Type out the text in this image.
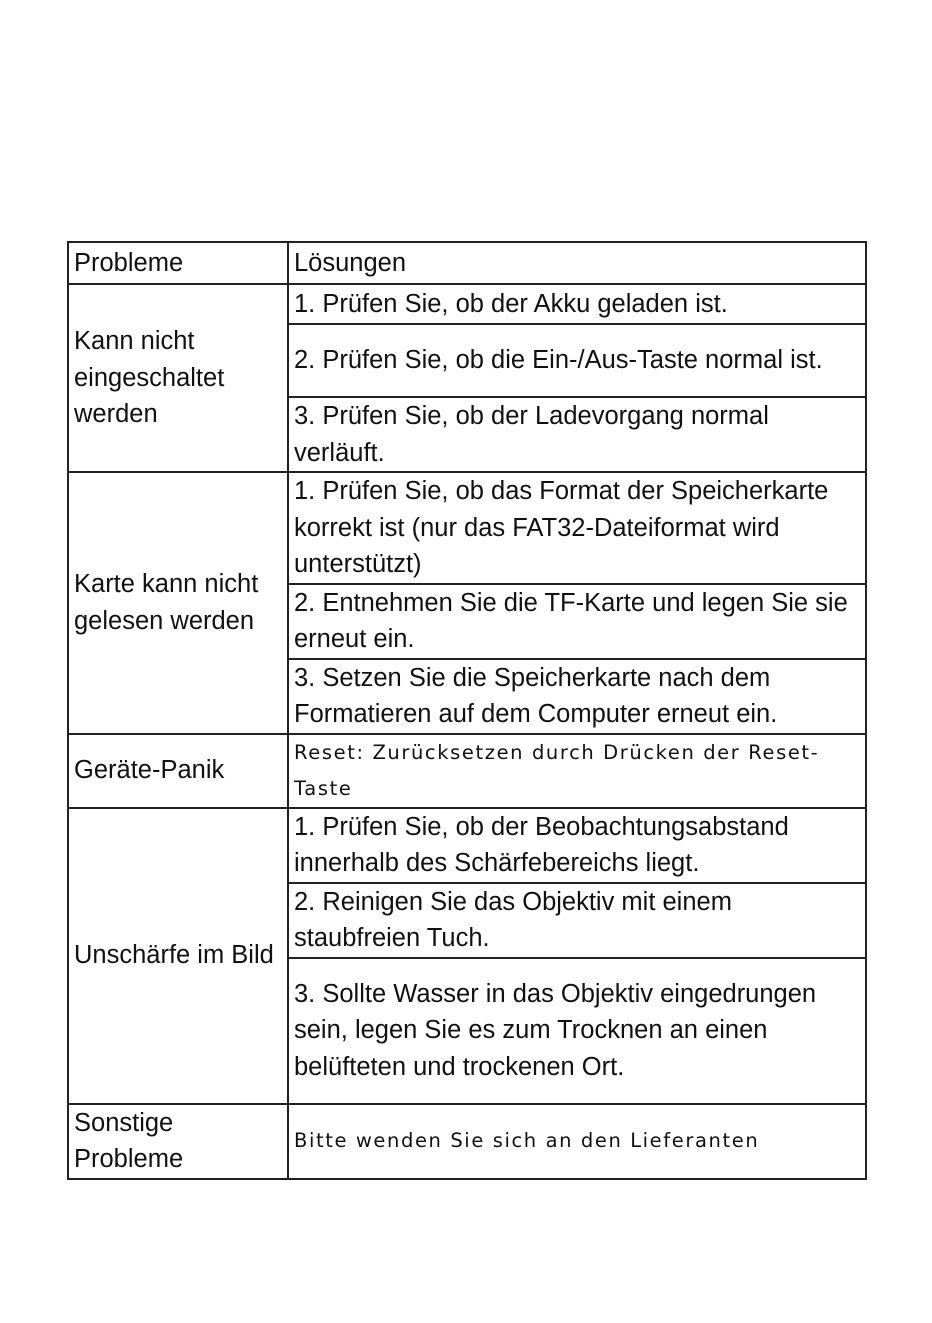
Probleme	Lösungen
Kann nicht eingeschaltet werden	1. Prüfen Sie, ob der Akku geladen ist.
	2. Prüfen Sie, ob die Ein-/Aus-Taste normal ist.
	3. Prüfen Sie, ob der Ladevorgang normal verläuft.
Karte kann nicht gelesen werden	1. Prüfen Sie, ob das Format der Speicherkarte korrekt ist (nur das FAT32-Dateiformat wird unterstützt)
	2. Entnehmen Sie die TF-Karte und legen Sie sie erneut ein.
	3. Setzen Sie die Speicherkarte nach dem Formatieren auf dem Computer erneut ein.
Geräte-Panik	Reset: Zurücksetzen durch Drücken der Reset-Taste
Unschärfe im Bild	1. Prüfen Sie, ob der Beobachtungsabstand innerhalb des Schärfebereichs liegt.
	2. Reinigen Sie das Objektiv mit einem staubfreien Tuch.
	3. Sollte Wasser in das Objektiv eingedrungen sein, legen Sie es zum Trocknen an einen belüfteten und trockenen Ort.
Sonstige Probleme	Bitte wenden Sie sich an den Lieferanten
